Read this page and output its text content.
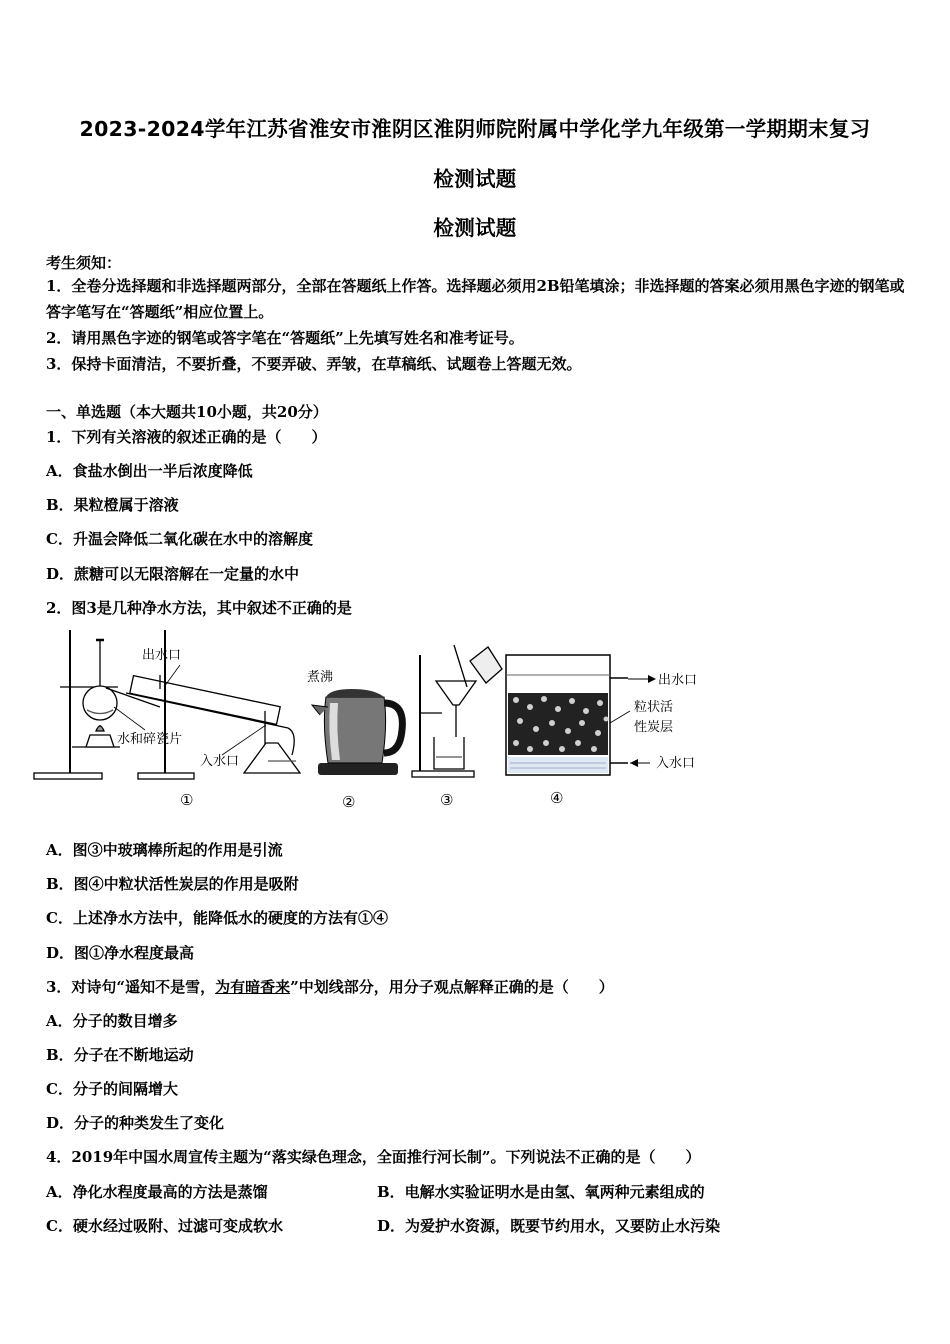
2023-2024学年江苏省淮安市淮阴区淮阴师院附属中学化学九年级第一学期期末复习
检测试题
检测试题
考生须知：
1．全卷分选择题和非选择题两部分，全部在答题纸上作答。选择题必须用2B铅笔填涂；非选择题的答案必须用黑色字迹的钢笔或答字笔写在“答题纸”相应位置上。
2．请用黑色字迹的钢笔或答字笔在“答题纸”上先填写姓名和准考证号。
3．保持卡面清洁，不要折叠，不要弄破、弄皱，在草稿纸、试题卷上答题无效。
一、单选题（本大题共10小题，共20分）
1．下列有关溶液的叙述正确的是（　　）
A．食盐水倒出一半后浓度降低
B．果粒橙属于溶液
C．升温会降低二氧化碳在水中的溶解度
D．蔗糖可以无限溶解在一定量的水中
2．图3是几种净水方法，其中叙述不正确的是
出水口
水和碎瓷片
入水口
①
煮沸
②	③
出水口
粒状活
性炭层
入水口
④
A．图③中玻璃棒所起的作用是引流
B．图④中粒状活性炭层的作用是吸附
C．上述净水方法中，能降低水的硬度的方法有①④
D．图①净水程度最高
3．对诗句“遥知不是雪，为有暗香来”中划线部分，用分子观点解释正确的是（　　）
A．分子的数目增多
B．分子在不断地运动
C．分子的间隔增大
D．分子的种类发生了变化
4．2019年中国水周宣传主题为“落实绿色理念，全面推行河长制”。下列说法不正确的是（　　）
A．净化水程度最高的方法是蒸馏	B．电解水实验证明水是由氢、氧两种元素组成的
C．硬水经过吸附、过滤可变成软水	D．为爱护水资源，既要节约用水，又要防止水污染
